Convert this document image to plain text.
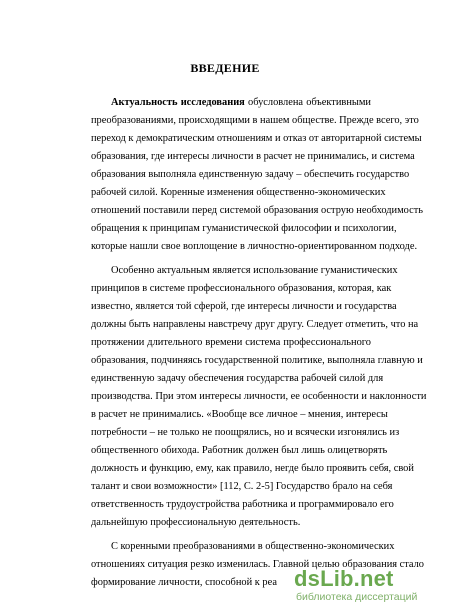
ВВЕДЕНИЕ
Актуальность исследования обусловлена объективными
преобразованиями, происходящими в нашем обществе. Прежде всего, это
переход к демократическим отношениям и отказ от авторитарной системы
образования, где интересы личности в расчет не принимались, и система
образования выполняла единственную задачу – обеспечить государство
рабочей силой. Коренные изменения общественно-экономических
отношений поставили перед системой образования острую необходимость
обращения к принципам гуманистической философии и психологии,
которые нашли свое воплощение в личностно-ориентированном подходе.
Особенно актуальным является использование гуманистических
принципов в системе профессионального образования, которая, как
известно, является той сферой, где интересы личности и государства
должны быть направлены навстречу друг другу. Следует отметить, что на
протяжении длительного времени система профессионального
образования, подчиняясь государственной политике, выполняла главную и
единственную задачу обеспечения государства рабочей силой для
производства. При этом интересы личности, ее особенности и наклонности
в расчет не принимались. «Вообще все личное – мнения, интересы
потребности – не только не поощрялись, но и всячески изгонялись из
общественного обихода. Работник должен был лишь олицетворять
должность и функцию, ему, как правило, негде было проявить себя, свой
талант и свои возможности» [112, С. 2-5] Государство брало на себя
ответственность трудоустройства работника и программировало его
дальнейшую профессиональную деятельность.
С коренными преобразованиями в общественно-экономических
отношениях ситуация резко изменилась. Главной целью образования стало
формирование личности, способной к реа dsLib.net
библиотека диссертаций
